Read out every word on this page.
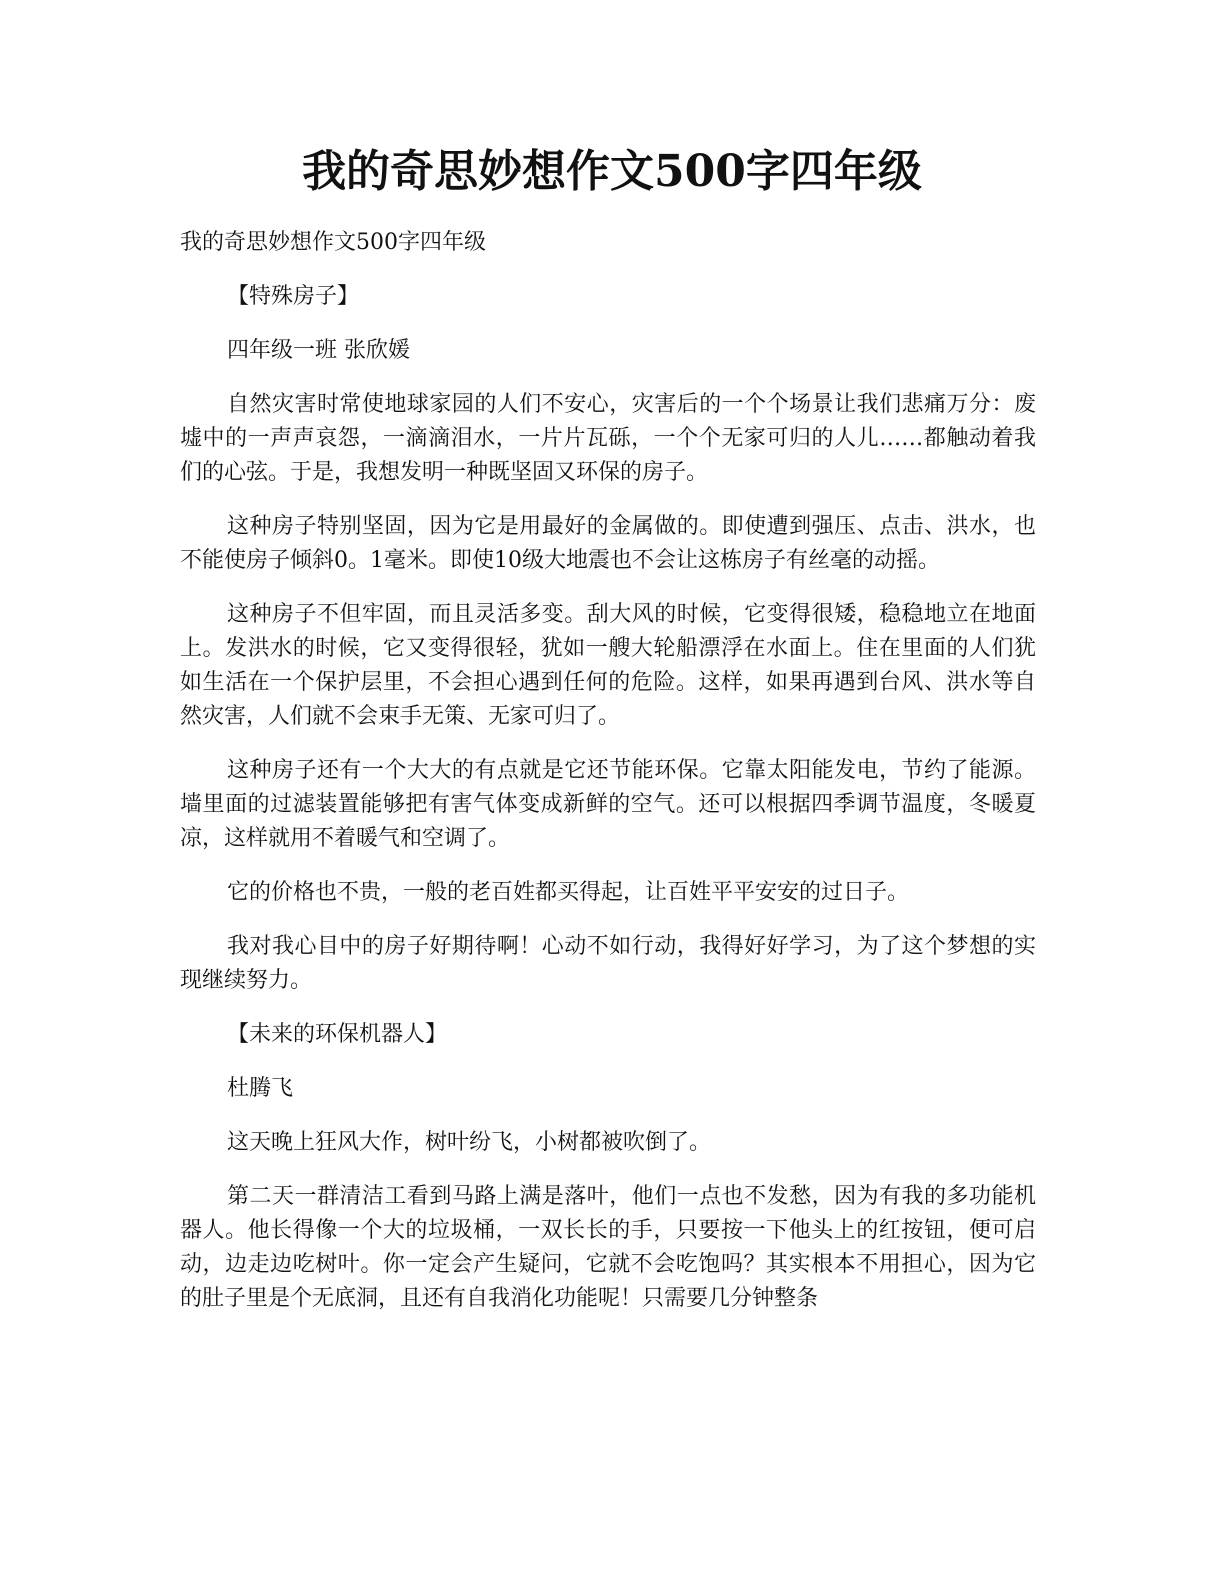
我的奇思妙想作文500字四年级

我的奇思妙想作文500字四年级

【特殊房子】

四年级一班 张欣媛

自然灾害时常使地球家园的人们不安心，灾害后的一个个场景让我们悲痛万分：废墟中的一声声哀怨，一滴滴泪水，一片片瓦砾，一个个无家可归的人儿……都触动着我们的心弦。于是，我想发明一种既坚固又环保的房子。

这种房子特别坚固，因为它是用最好的金属做的。即使遭到强压、点击、洪水，也不能使房子倾斜0。1毫米。即使10级大地震也不会让这栋房子有丝毫的动摇。

这种房子不但牢固，而且灵活多变。刮大风的时候，它变得很矮，稳稳地立在地面上。发洪水的时候，它又变得很轻，犹如一艘大轮船漂浮在水面上。住在里面的人们犹如生活在一个保护层里，不会担心遇到任何的危险。这样，如果再遇到台风、洪水等自然灾害，人们就不会束手无策、无家可归了。

这种房子还有一个大大的有点就是它还节能环保。它靠太阳能发电，节约了能源。墙里面的过滤装置能够把有害气体变成新鲜的空气。还可以根据四季调节温度，冬暖夏凉，这样就用不着暖气和空调了。

它的价格也不贵，一般的老百姓都买得起，让百姓平平安安的过日子。

我对我心目中的房子好期待啊！心动不如行动，我得好好学习，为了这个梦想的实现继续努力。

【未来的环保机器人】

杜腾飞

这天晚上狂风大作，树叶纷飞，小树都被吹倒了。

第二天一群清洁工看到马路上满是落叶，他们一点也不发愁，因为有我的多功能机器人。他长得像一个大的垃圾桶，一双长长的手，只要按一下他头上的红按钮，便可启动，边走边吃树叶。你一定会产生疑问，它就不会吃饱吗？其实根本不用担心，因为它的肚子里是个无底洞，且还有自我消化功能呢！只需要几分钟整条
